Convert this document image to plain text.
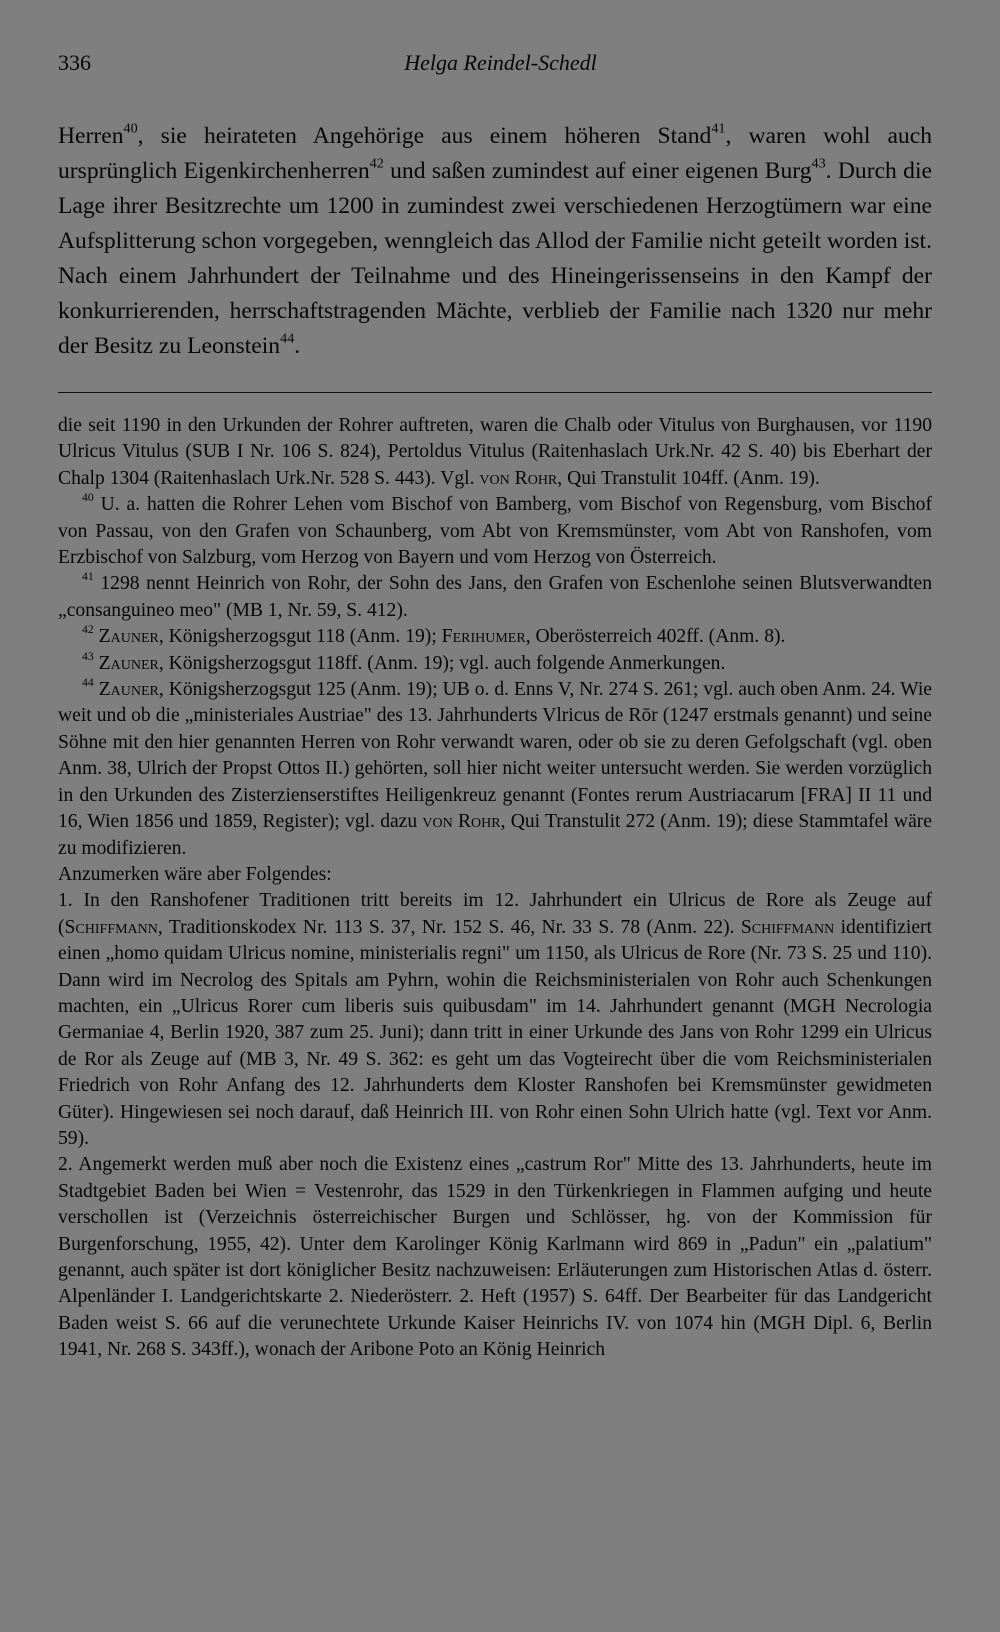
336	Helga Reindel-Schedl

Herren$^{40}$, sie heirateten Angehörige aus einem höheren Stand$^{41}$, waren wohl auch ursprünglich Eigenkirchenherren$^{42}$ und saßen zumindest auf einer eigenen Burg$^{43}$. Durch die Lage ihrer Besitzrechte um 1200 in zumindest zwei verschiedenen Herzogtümern war eine Aufsplitterung schon vorgegeben, wenngleich das Allod der Familie nicht geteilt worden ist. Nach einem Jahrhundert der Teilnahme und des Hineingerissenseins in den Kampf der konkurrierenden, herrschaftstragenden Mächte, verblieb der Familie nach 1320 nur mehr der Besitz zu Leonstein$^{44}$.

die seit 1190 in den Urkunden der Rohrer auftreten, waren die Chalb oder Vitulus von Burghausen, vor 1190 Ulricus Vitulus (SUB I Nr. 106 S. 824), Pertoldus Vitulus (Raitenhaslach Urk.Nr. 42 S. 40) bis Eberhart der Chalp 1304 (Raitenhaslach Urk.Nr. 528 S. 443). Vgl. von Rohr, Qui Transtulit 104ff. (Anm. 19).

$^{40}$ U. a. hatten die Rohrer Lehen vom Bischof von Bamberg, vom Bischof von Regensburg, vom Bischof von Passau, von den Grafen von Schaunberg, vom Abt von Kremsmünster, vom Abt von Ranshofen, vom Erzbischof von Salzburg, vom Herzog von Bayern und vom Herzog von Österreich.

$^{41}$ 1298 nennt Heinrich von Rohr, der Sohn des Jans, den Grafen von Eschenlohe seinen Blutsverwandten „consanguineo meo" (MB 1, Nr. 59, S. 412).

$^{42}$ Zauner, Königsherzogsgut 118 (Anm. 19); Ferihumer, Oberösterreich 402ff. (Anm. 8).

$^{43}$ Zauner, Königsherzogsgut 118ff. (Anm. 19); vgl. auch folgende Anmerkungen.

$^{44}$ Zauner, Königsherzogsgut 125 (Anm. 19); UB o. d. Enns V, Nr. 274 S. 261; vgl. auch oben Anm. 24. Wie weit und ob die „ministeriales Austriae" des 13. Jahrhunderts Vlricus de Rōr (1247 erstmals genannt) und seine Söhne mit den hier genannten Herren von Rohr verwandt waren, oder ob sie zu deren Gefolgschaft (vgl. oben Anm. 38, Ulrich der Propst Ottos II.) gehörten, soll hier nicht weiter untersucht werden. Sie werden vorzüglich in den Urkunden des Zisterzienserstiftes Heiligenkreuz genannt (Fontes rerum Austriacarum [FRA] II 11 und 16, Wien 1856 und 1859, Register); vgl. dazu von Rohr, Qui Transtulit 272 (Anm. 19); diese Stammtafel wäre zu modifizieren.

Anzumerken wäre aber Folgendes:

1. In den Ranshofener Traditionen tritt bereits im 12. Jahrhundert ein Ulricus de Rore als Zeuge auf (Schiffmann, Traditionskodex Nr. 113 S. 37, Nr. 152 S. 46, Nr. 33 S. 78 (Anm. 22). Schiffmann identifiziert einen „homo quidam Ulricus nomine, ministerialis regni" um 1150, als Ulricus de Rore (Nr. 73 S. 25 und 110). Dann wird im Necrolog des Spitals am Pyhrn, wohin die Reichsministerialen von Rohr auch Schenkungen machten, ein „Ulricus Rorer cum liberis suis quibusdam" im 14. Jahrhundert genannt (MGH Necrologia Germaniae 4, Berlin 1920, 387 zum 25. Juni); dann tritt in einer Urkunde des Jans von Rohr 1299 ein Ulricus de Ror als Zeuge auf (MB 3, Nr. 49 S. 362: es geht um das Vogteirecht über die vom Reichsministerialen Friedrich von Rohr Anfang des 12. Jahrhunderts dem Kloster Ranshofen bei Kremsmünster gewidmeten Güter). Hingewiesen sei noch darauf, daß Heinrich III. von Rohr einen Sohn Ulrich hatte (vgl. Text vor Anm. 59).

2. Angemerkt werden muß aber noch die Existenz eines „castrum Ror" Mitte des 13. Jahrhunderts, heute im Stadtgebiet Baden bei Wien = Vestenrohr, das 1529 in den Türkenkriegen in Flammen aufging und heute verschollen ist (Verzeichnis österreichischer Burgen und Schlösser, hg. von der Kommission für Burgenforschung, 1955, 42). Unter dem Karolinger König Karlmann wird 869 in „Padun" ein „palatium" genannt, auch später ist dort königlicher Besitz nachzuweisen: Erläuterungen zum Historischen Atlas d. österr. Alpenländer I. Landgerichtskarte 2. Niederösterr. 2. Heft (1957) S. 64ff. Der Bearbeiter für das Landgericht Baden weist S. 66 auf die verunechtete Urkunde Kaiser Heinrichs IV. von 1074 hin (MGH Dipl. 6, Berlin 1941, Nr. 268 S. 343ff.), wonach der Aribone Poto an König Heinrich
